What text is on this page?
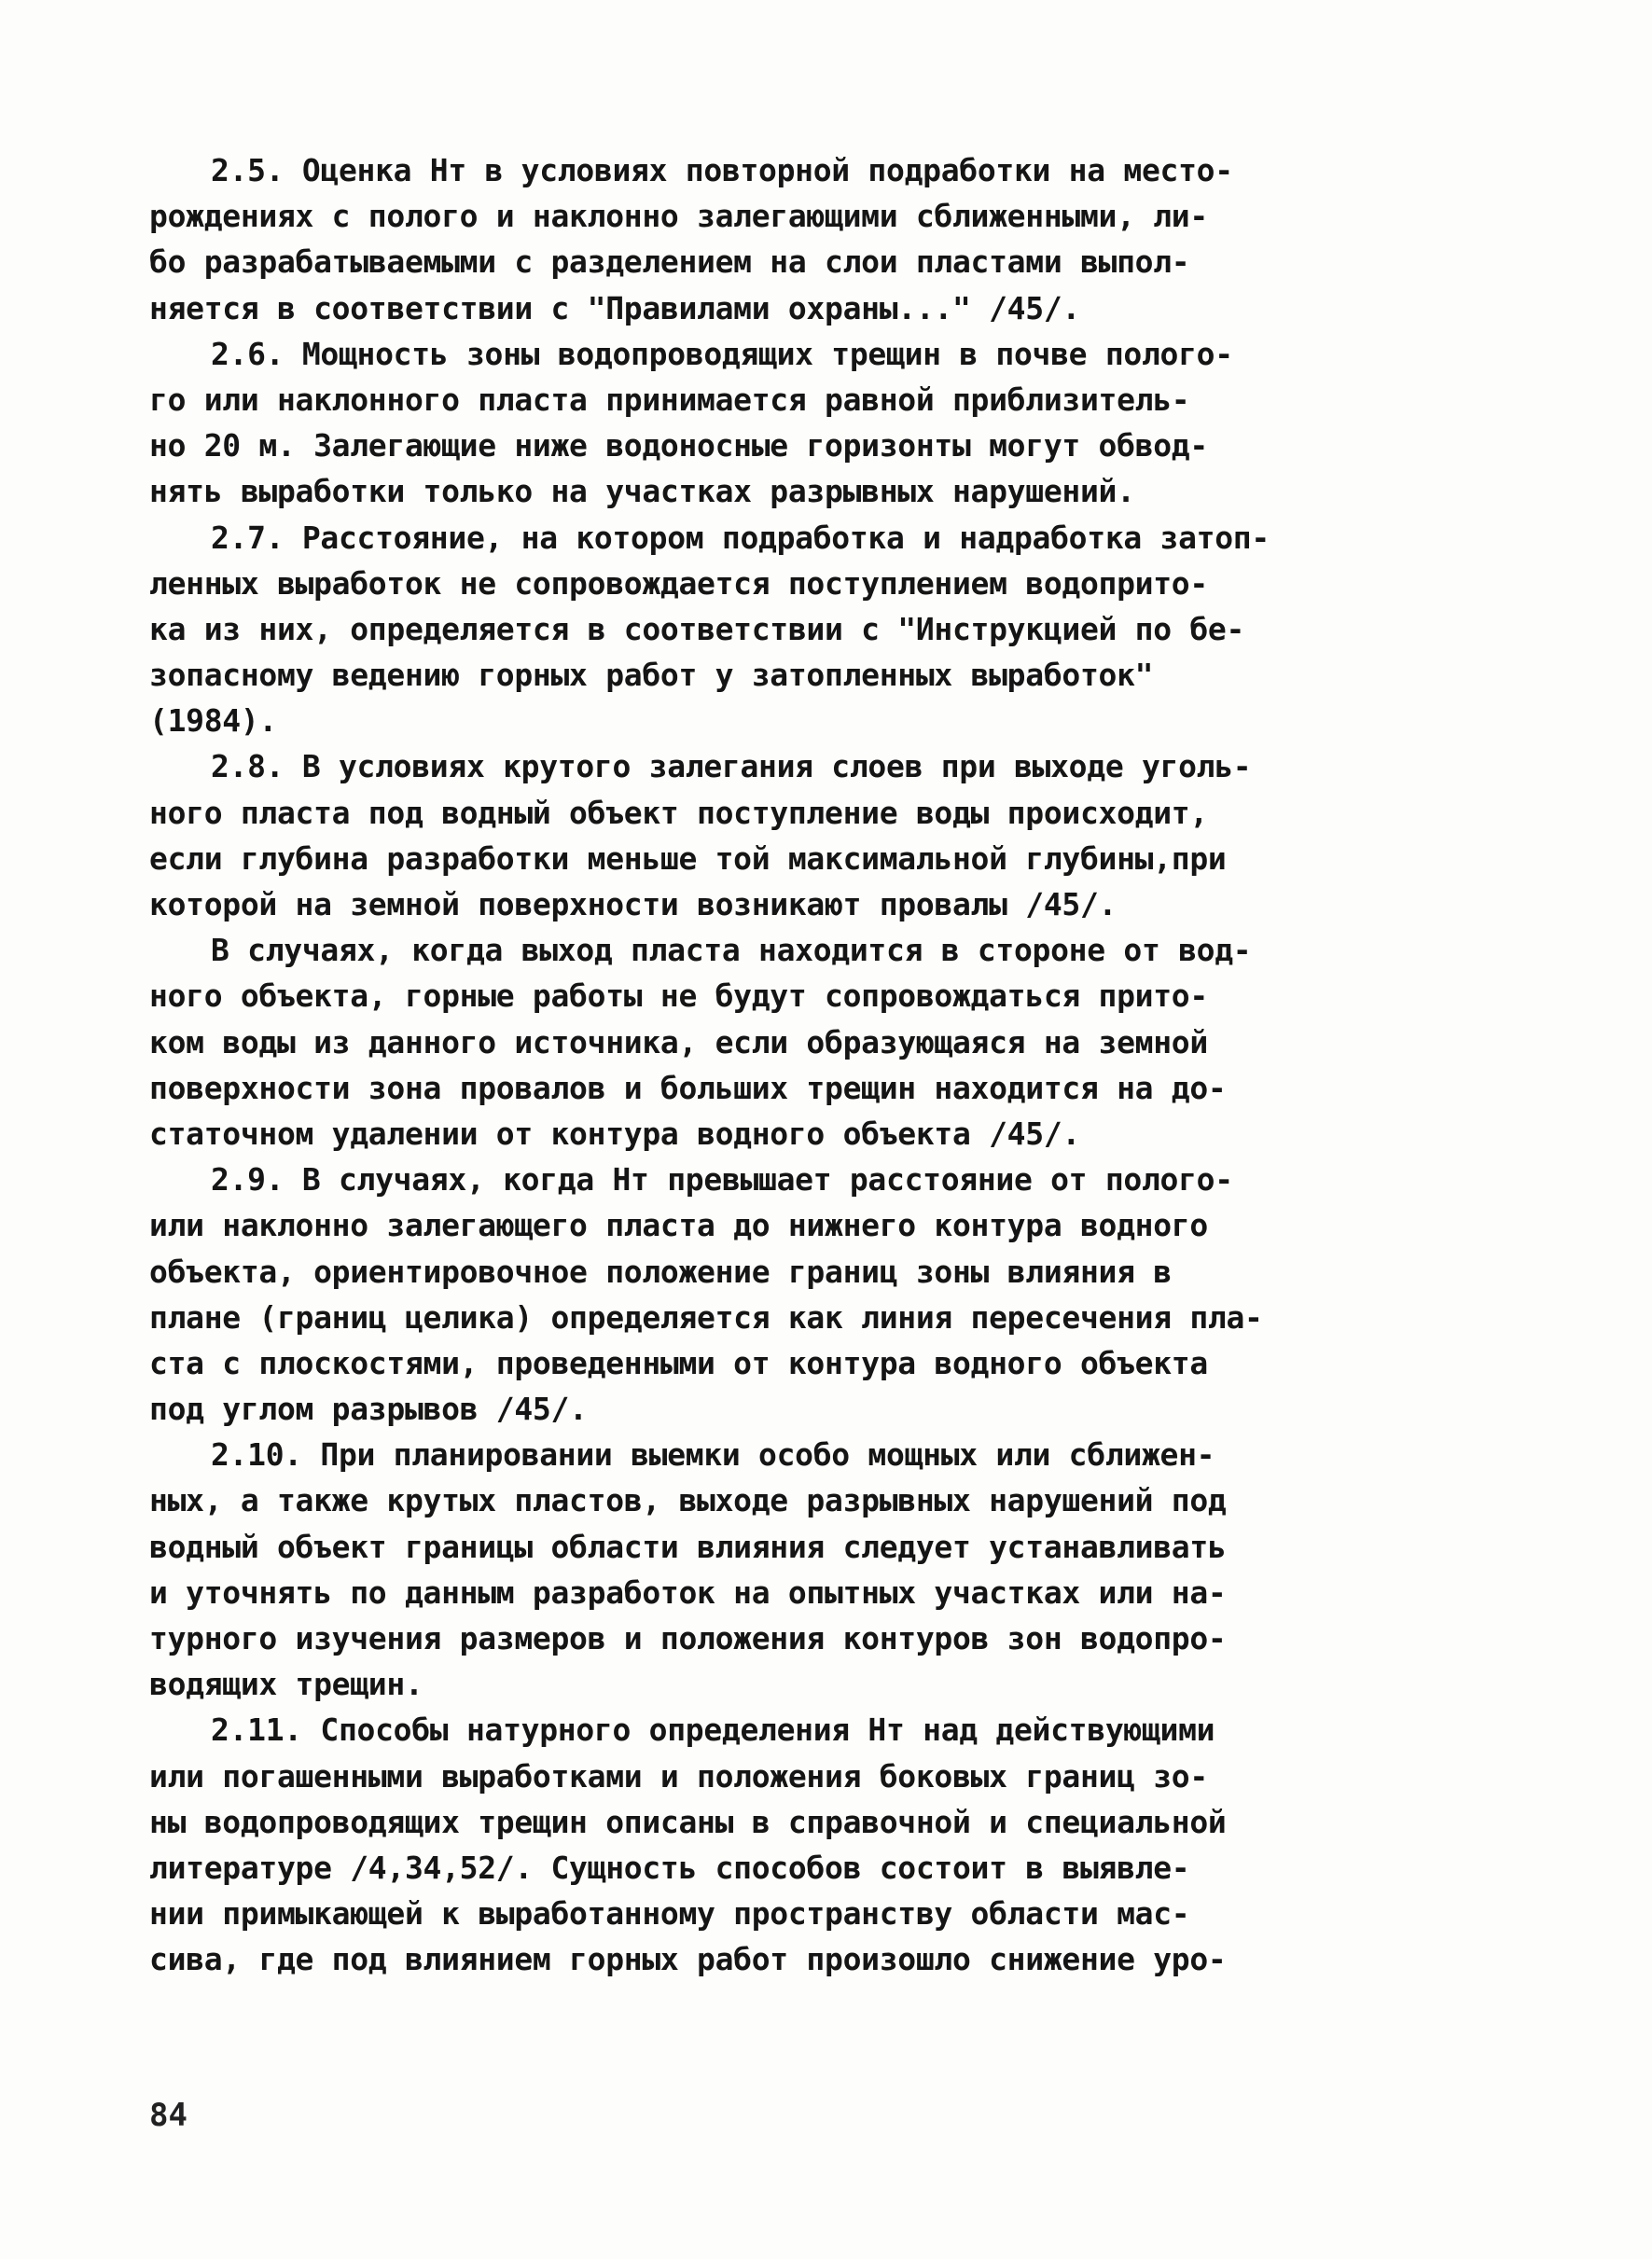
2.5. Оценка Hт в условиях повторной подработки на место-
рождениях с пологo и наклонно залегающими сближенными, ли-
бо разрабатываемыми с разделением на слои пластами выпол-
няется в соответствии с "Правилами охраны..." /45/.
2.6. Мощность зоны водопроводящих трещин в почве полого-
го или наклонного пласта принимается равной приблизитель-
но 20 м. Залегающие ниже водоносные горизонты могут обвод-
нять выработки только на участках разрывных нарушений.
2.7. Расстояние, на котором подработка и надработка затоп-
ленных выработок не сопровождается поступлением водоприто-
ка из них, определяется в соответствии с "Инструкцией по бе-
зопасному ведению горных работ у затопленных выработок"
(1984).
2.8. В условиях крутого залегания слоев при выходе уголь-
ного пласта под водный объект поступление воды происходит,
если глубина разработки меньше той максимальной глубины,при
которой на земной поверхности возникают провалы /45/.
В случаях, когда выход пласта находится в стороне от вод-
ного объекта, горные работы не будут сопровождаться прито-
ком воды из данного источника, если образующаяся на земной
поверхности зона провалов и больших трещин находится на до-
статочном удалении от контура водного объекта /45/.
2.9. В случаях, когда Hт превышает расстояние от полого-
или наклонно залегающего пласта до нижнего контура водного
объекта, ориентировочное положение границ зоны влияния в
плане (границ целика) определяется как линия пересечения пла-
ста с плоскостями, проведенными от контура водного объекта
под углом разрывов /45/.
2.10. При планировании выемки особо мощных или сближен-
ных, а также крутых пластов, выходе разрывных нарушений под
водный объект границы области влияния следует устанавливать
и уточнять по данным разработок на опытных участках или на-
турного изучения размеров и положения контуров зон водопро-
водящих трещин.
2.11. Способы натурного определения Hт над действующими
или погашенными выработками и положения боковых границ зо-
ны водопроводящих трещин описаны в справочной и специальной
литературе /4,34,52/. Сущность способов состоит в выявле-
нии примыкающей к выработанному пространству области мас-
сива, где под влиянием горных работ произошло снижение уро-
84
